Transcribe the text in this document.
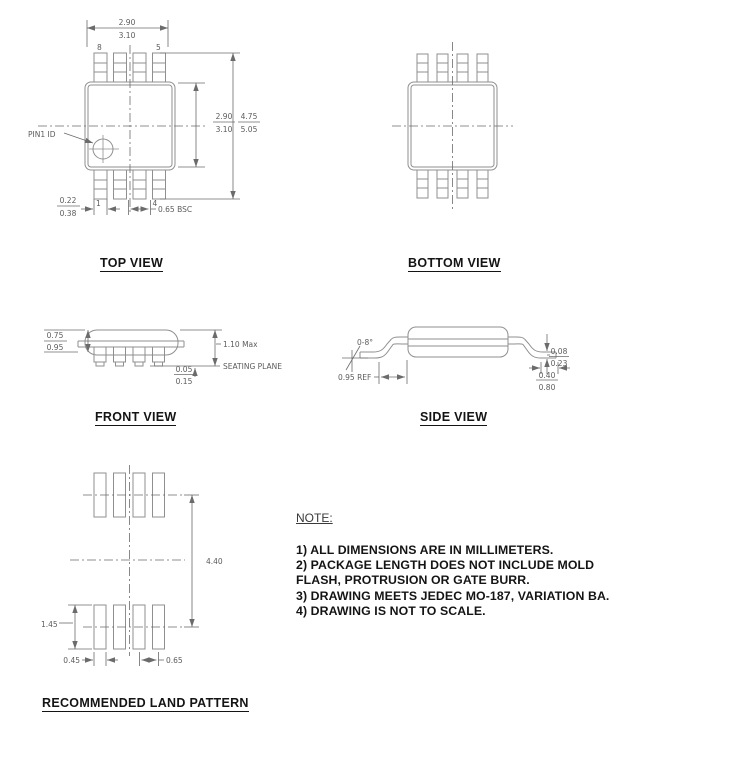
2.90
3.10
8	5
2.90
3.10
4.75
5.05
0.22
0.38
1	4
0.65 BSC
PIN1 ID
0.75
0.95	1.10 Max
SEATING PLANE
0.05
0.15
0-8°
0.95 REF
0.08
0.23
0.40
0.80
4.40
1.45
0.45	0.65
TOP VIEW	BOTTOM VIEW
FRONT VIEW	SIDE VIEW
RECOMMENDED LAND PATTERN
NOTE:
1) ALL DIMENSIONS ARE IN MILLIMETERS.
2) PACKAGE LENGTH DOES NOT INCLUDE MOLD
FLASH, PROTRUSION OR GATE BURR.
3) DRAWING MEETS JEDEC MO-187, VARIATION BA.
4) DRAWING IS NOT TO SCALE.
